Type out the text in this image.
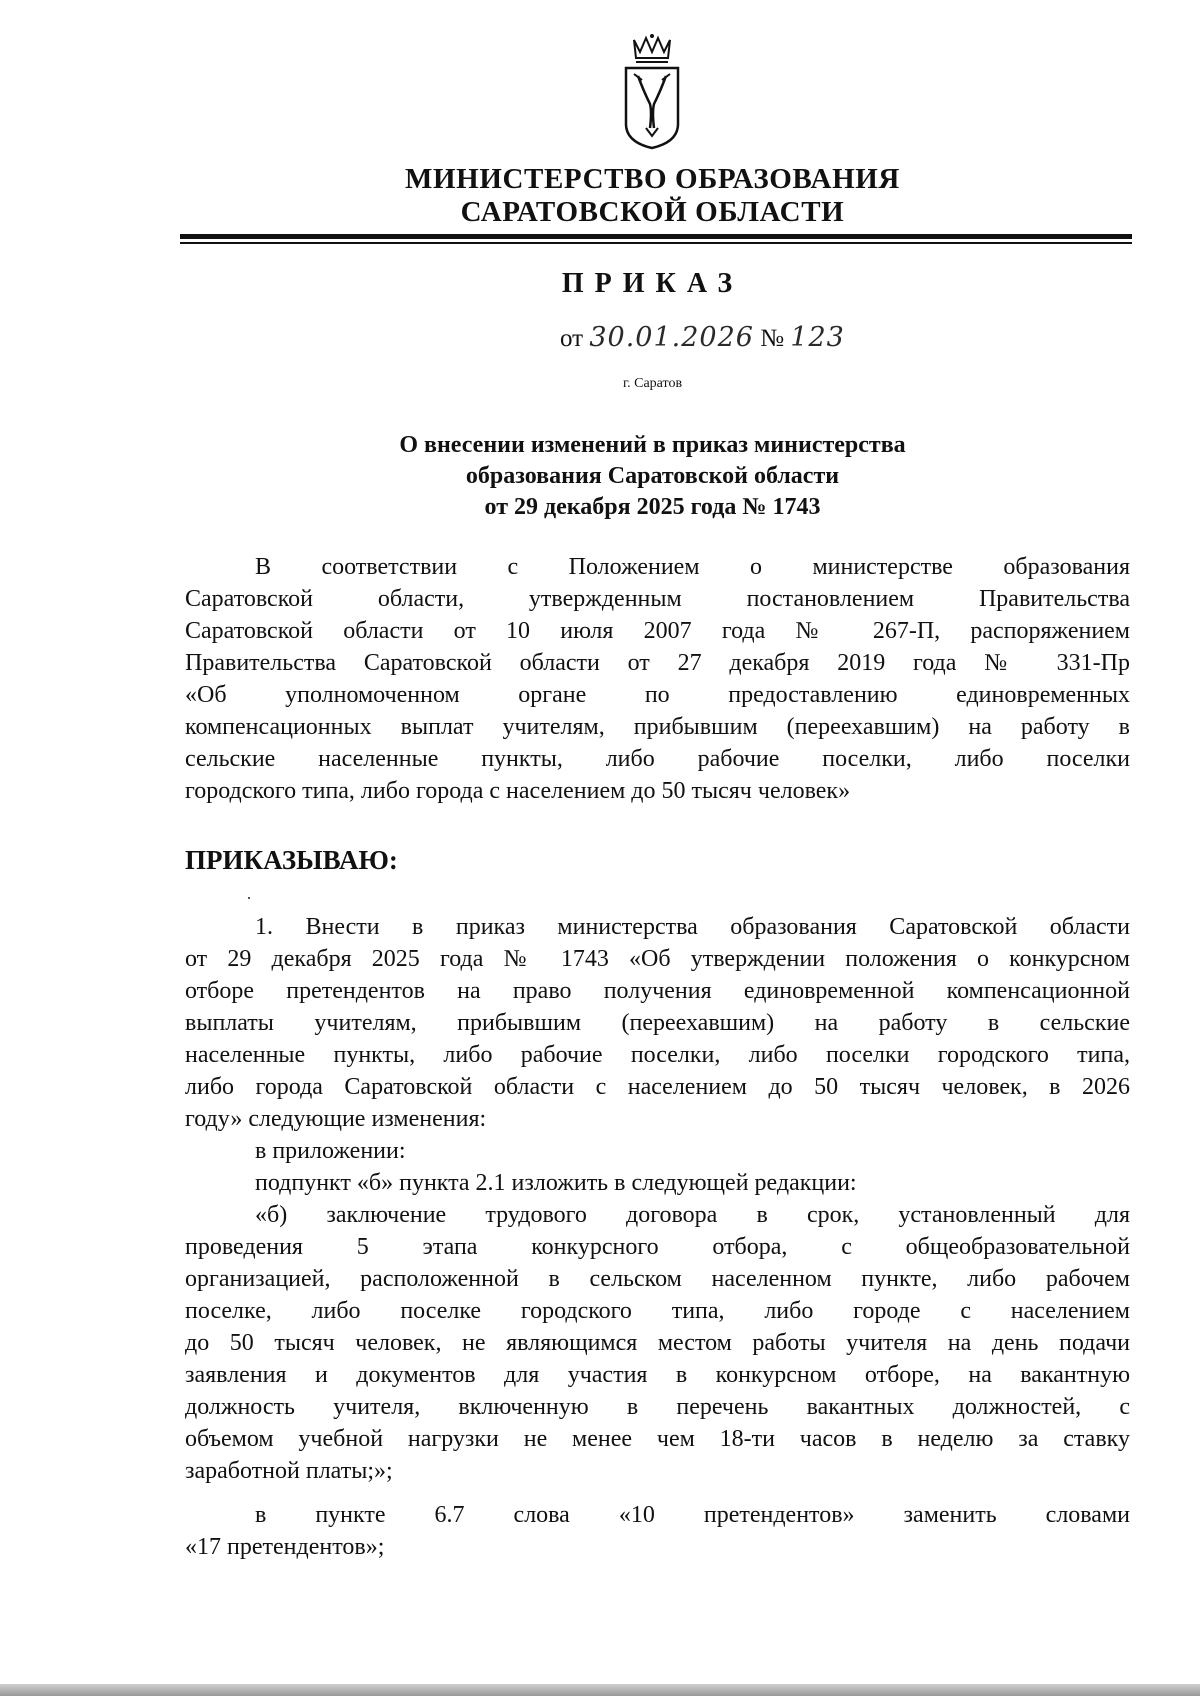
МИНИСТЕРСТВО ОБРАЗОВАНИЯ
САРАТОВСКОЙ ОБЛАСТИ
ПРИКАЗ
от 30.01.2026 № 123
г. Саратов
О внесении изменений в приказ министерства
образования Саратовской области
от 29 декабря 2025 года № 1743
В соответствии с Положением о министерстве образования
Саратовской области, утвержденным постановлением Правительства
Саратовской области от 10 июля 2007 года № 267-П, распоряжением
Правительства Саратовской области от 27 декабря 2019 года № 331-Пр
«Об уполномоченном органе по предоставлению единовременных
компенсационных выплат учителям, прибывшим (переехавшим) на работу в
сельские населенные пункты, либо рабочие поселки, либо поселки
городского типа, либо города с населением до 50 тысяч человек»
ПРИКАЗЫВАЮ:
1. Внести в приказ министерства образования Саратовской области
от 29 декабря 2025 года № 1743 «Об утверждении положения о конкурсном
отборе претендентов на право получения единовременной компенсационной
выплаты учителям, прибывшим (переехавшим) на работу в сельские
населенные пункты, либо рабочие поселки, либо поселки городского типа,
либо города Саратовской области с населением до 50 тысяч человек, в 2026
году» следующие изменения:
в приложении:
подпункт «б» пункта 2.1 изложить в следующей редакции:
«б) заключение трудового договора в срок, установленный для
проведения 5 этапа конкурсного отбора, с общеобразовательной
организацией, расположенной в сельском населенном пункте, либо рабочем
поселке, либо поселке городского типа, либо городе с населением
до 50 тысяч человек, не являющимся местом работы учителя на день подачи
заявления и документов для участия в конкурсном отборе, на вакантную
должность учителя, включенную в перечень вакантных должностей, с
объемом учебной нагрузки не менее чем 18-ти часов в неделю за ставку
заработной платы;»;
в пункте 6.7 слова «10 претендентов» заменить словами
«17 претендентов»;
